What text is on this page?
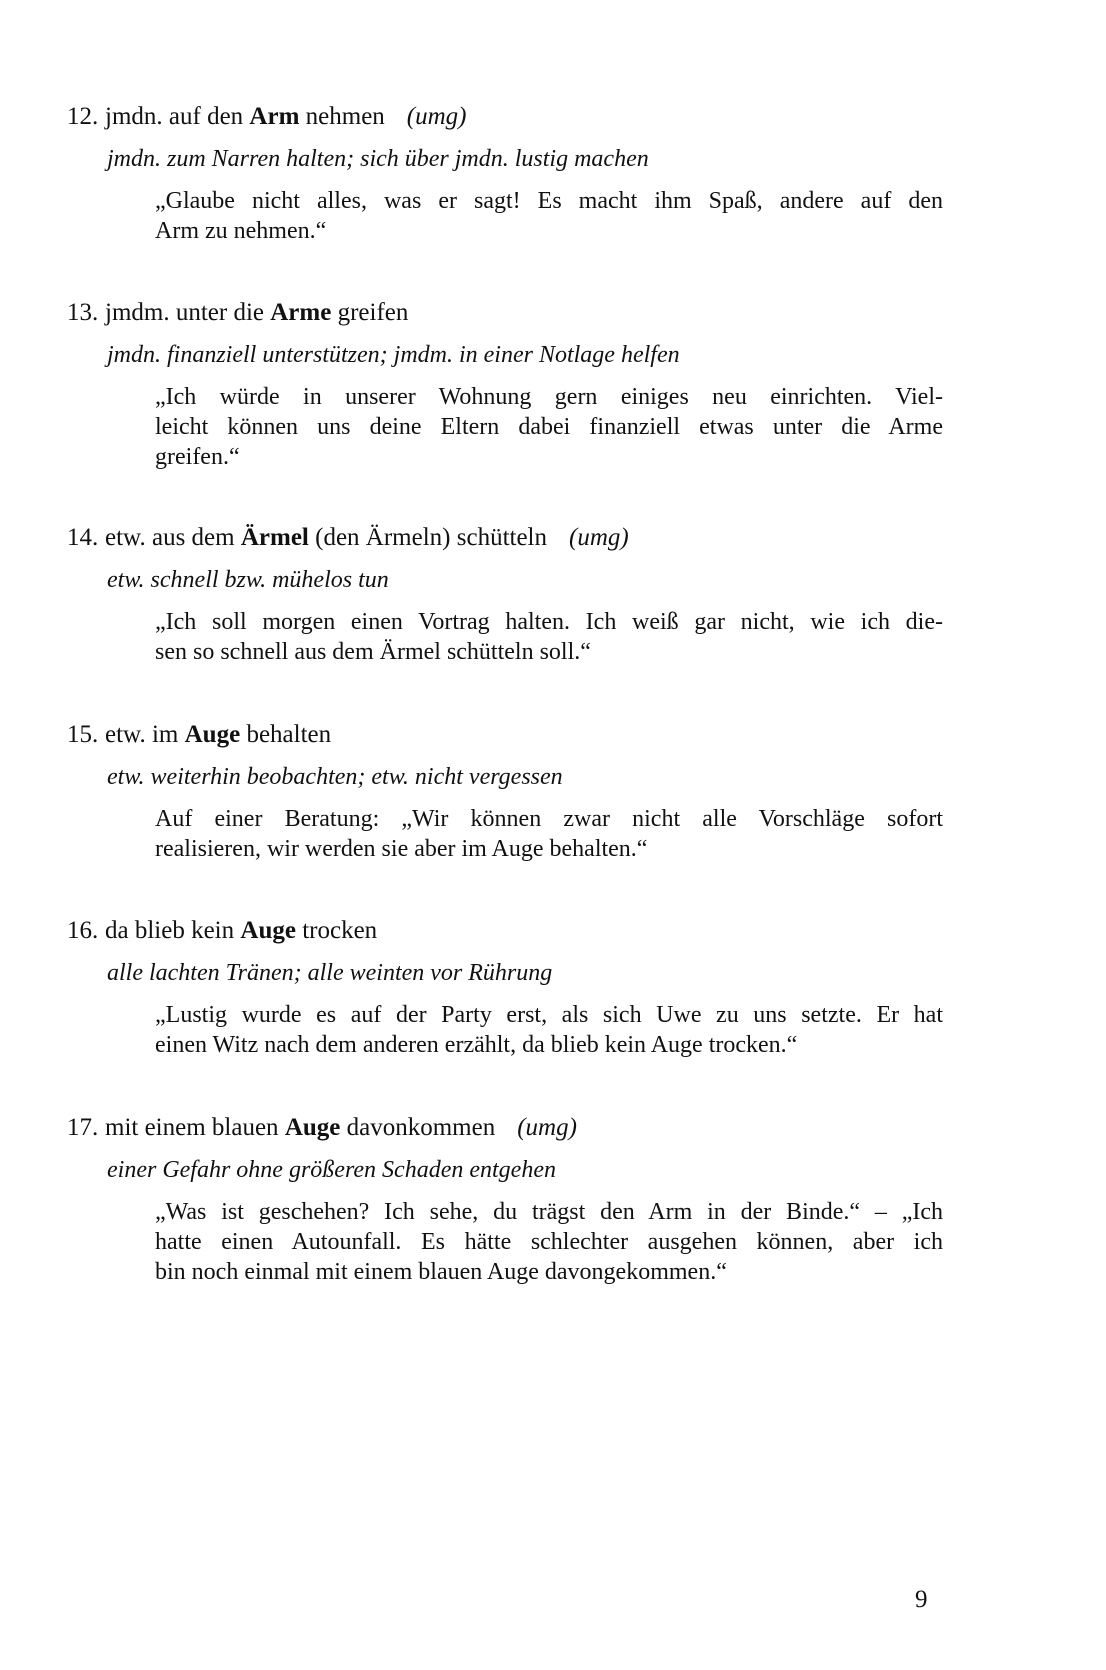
12. jmdn. auf den Arm nehmen (umg)

jmdn. zum Narren halten; sich über jmdn. lustig machen

„Glaube nicht alles, was er sagt! Es macht ihm Spaß, andere auf den
Arm zu nehmen.“

13. jmdm. unter die Arme greifen

jmdn. finanziell unterstützen; jmdm. in einer Notlage helfen

„Ich würde in unserer Wohnung gern einiges neu einrichten. Viel-
leicht können uns deine Eltern dabei finanziell etwas unter die Arme
greifen.“

14. etw. aus dem Ärmel (den Ärmeln) schütteln (umg)

etw. schnell bzw. mühelos tun

„Ich soll morgen einen Vortrag halten. Ich weiß gar nicht, wie ich die-
sen so schnell aus dem Ärmel schütteln soll.“

15. etw. im Auge behalten

etw. weiterhin beobachten; etw. nicht vergessen

Auf einer Beratung: „Wir können zwar nicht alle Vorschläge sofort
realisieren, wir werden sie aber im Auge behalten.“

16. da blieb kein Auge trocken

alle lachten Tränen; alle weinten vor Rührung

„Lustig wurde es auf der Party erst, als sich Uwe zu uns setzte. Er hat
einen Witz nach dem anderen erzählt, da blieb kein Auge trocken.“

17. mit einem blauen Auge davonkommen (umg)

einer Gefahr ohne größeren Schaden entgehen

„Was ist geschehen? Ich sehe, du trägst den Arm in der Binde.“ – „Ich
hatte einen Autounfall. Es hätte schlechter ausgehen können, aber ich
bin noch einmal mit einem blauen Auge davongekommen.“
9
